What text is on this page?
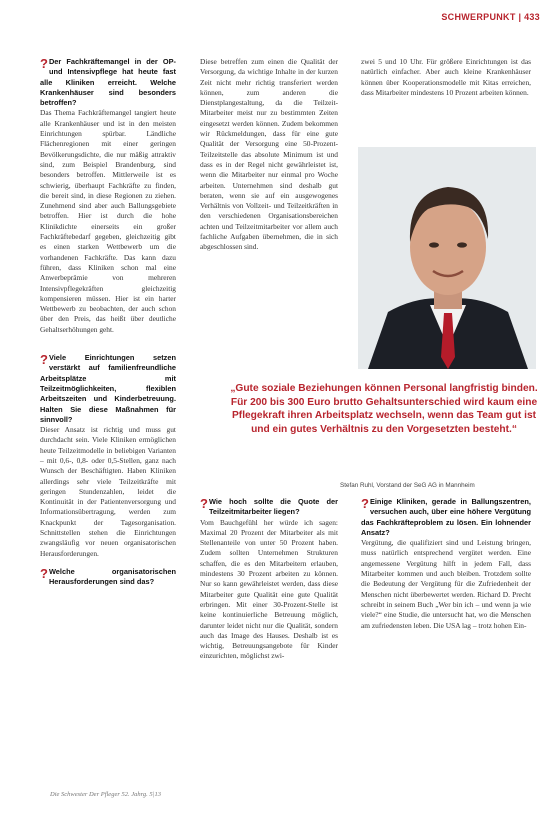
SCHWERPUNKT | 433

? Der Fachkräftemangel in der OP- und Intensivpflege hat heute fast alle Kliniken erreicht. Welche Krankenhäuser sind besonders betroffen?

Das Thema Fachkräftemangel tangiert heute alle Krankenhäuser und ist in den meisten Einrichtungen spürbar. Ländliche Flächenregionen mit einer geringen Bevölkerungsdichte, die nur mäßig attraktiv sind, zum Beispiel Brandenburg, sind besonders betroffen. Mittlerweile ist es schwierig, überhaupt Fachkräfte zu finden, die bereit sind, in diese Regionen zu ziehen. Zunehmend sind aber auch Ballungsgebiete betroffen. Hier ist durch die hohe Klinikdichte einerseits ein großer Fachkräftebedarf gegeben, gleichzeitig gibt es einen starken Wettbewerb um die vorhandenen Fachkräfte. Das kann dazu führen, dass Kliniken schon mal eine Anwerbeprämie von mehreren Intensivpflegekräften gleichzeitig kompensieren müssen. Hier ist ein harter Wettbewerb zu beobachten, der auch schon über den Preis, das heißt über deutliche Gehaltserhöhungen geht.

? Viele Einrichtungen setzen verstärkt auf familienfreundliche Arbeitsplätze mit Teilzeitmöglichkeiten, flexiblen Arbeitszeiten und Kinderbetreuung. Halten Sie diese Maßnahmen für sinnvoll?

Dieser Ansatz ist richtig und muss gut durchdacht sein. Viele Kliniken ermöglichen heute Teilzeitmodelle in beliebigen Varianten – mit 0,6-, 0,8- oder 0,5-Stellen, ganz nach Wunsch der Beschäftigten. Haben Kliniken allerdings sehr viele Teilzeitkräfte mit geringen Stundenzahlen, leidet die Kontinuität in der Patientenversorgung und Informationsübertragung, werden zum Knackpunkt der Tagesorganisation. Schnittstellen stehen die Einrichtungen zwangsläufig vor neuen organisatorischen Herausforderungen.

? Welche organisatorischen Herausforderungen sind das?

Diese betreffen zum einen die Qualität der Versorgung, da wichtige Inhalte in der kurzen Zeit nicht mehr richtig transferiert werden können, zum anderen die Dienstplangestaltung, da die Teilzeit-Mitarbeiter meist nur zu bestimmten Zeiten eingesetzt werden können. Zudem bekommen wir Rückmeldungen, dass für eine gute Qualität der Versorgung eine 50-Prozent-Teilzeitstelle das absolute Minimum ist und dass es in der Regel nicht gewährleistet ist, wenn die Mitarbeiter nur einmal pro Woche arbeiten. Unternehmen sind deshalb gut beraten, wenn sie auf ein ausgewogenes Verhältnis von Vollzeit- und Teilzeitkräften in den verschiedenen Organisationsbereichen achten und Teilzeitmitarbeiter vor allem auch fachliche Aufgaben übernehmen, die in sich abgeschlossen sind.

zwei 5 und 10 Uhr. Für größere Einrichtungen ist das natürlich einfacher. Aber auch kleine Krankenhäuser können über Kooperationsmodelle mit Kitas erreichen, dass Mitarbeiter mindestens 10 Prozent arbeiten können.

„Gute soziale Beziehungen können Personal langfristig binden. Für 200 bis 300 Euro brutto Gehaltsunterschied wird kaum eine Pflegekraft ihren Arbeitsplatz wechseln, wenn das Team gut ist und ein gutes Verhältnis zu den Vorgesetzten besteht.“
Stefan Ruhl, Vorstand der SeG AG in Mannheim

? Wie hoch sollte die Quote der Teilzeitmitarbeiter liegen?

Vom Bauchgefühl her würde ich sagen: Maximal 20 Prozent der Mitarbeiter als mit Stellenanteile von unter 50 Prozent haben. Zudem sollten Unternehmen Strukturen schaffen, die es den Mitarbeitern erlauben, mindestens 30 Prozent arbeiten zu können. Nur so kann gewährleistet werden, dass diese Mitarbeiter gute Qualität eine gute Qualität erbringen. Mit einer 30-Prozent-Stelle ist keine kontinuierliche Betreuung möglich, darunter leidet nicht nur die Qualität, sondern auch das Image des Hauses. Deshalb ist es wichtig, Betreuungsangebote für Kinder einzurichten, möglichst zwi-

? Einige Kliniken, gerade in Ballungszentren, versuchen auch, über eine höhere Vergütung das Fachkräfteproblem zu lösen. Ein lohnender Ansatz?

Vergütung, die qualifiziert sind und Leistung bringen, muss natürlich entsprechend vergütet werden. Eine angemessene Vergütung hilft in jedem Fall, dass Mitarbeiter kommen und auch bleiben. Trotzdem sollte die Bedeutung der Vergütung für die Zufriedenheit der Menschen nicht überbewertet werden. Richard D. Precht schreibt in seinem Buch „Wer bin ich – und wenn ja wie viele?“ eine Studie, die untersucht hat, wo die Menschen am zufriedensten leben. Die USA lag – trotz hohen Ein-

Die Schwester Der Pfleger 52. Jahrg. 5|13
